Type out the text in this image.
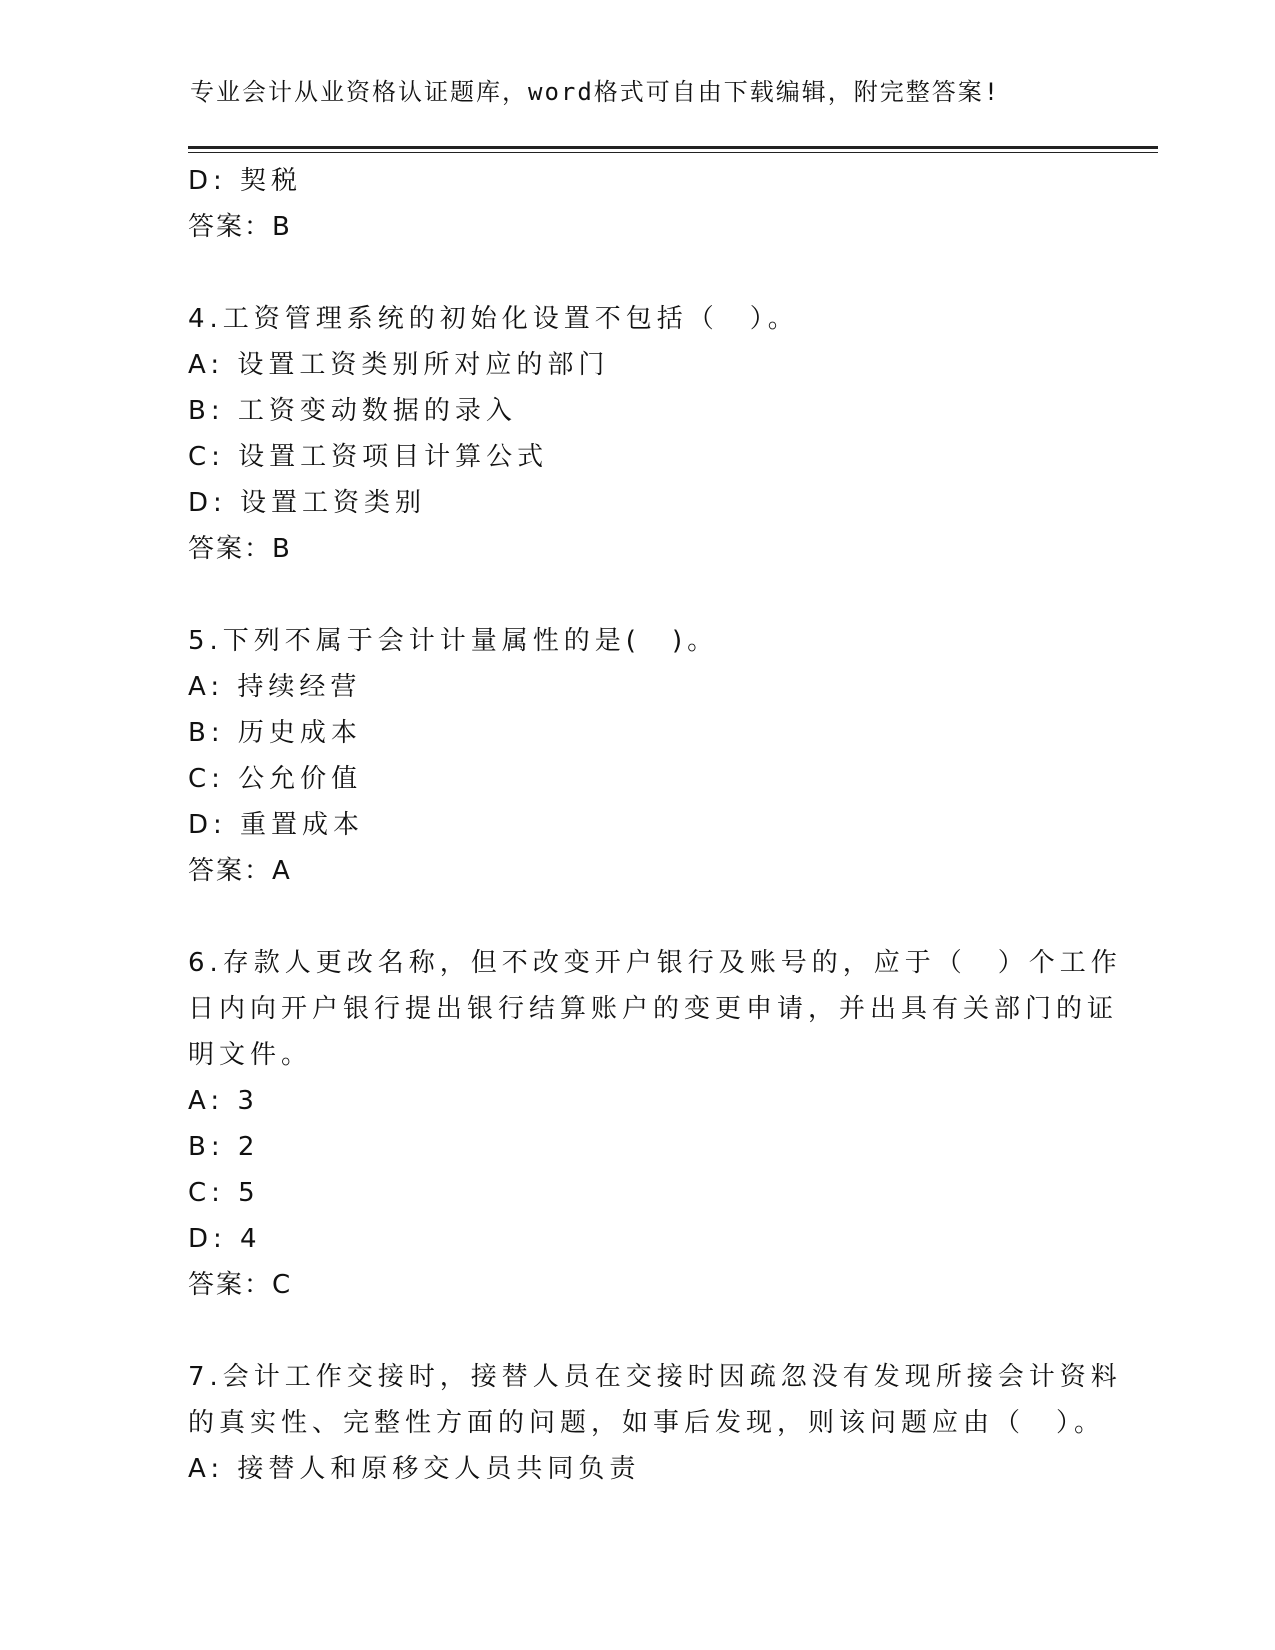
专业会计从业资格认证题库，word格式可自由下载编辑，附完整答案!
D: 契税
答案：B
4.工资管理系统的初始化设置不包括（　）。
A: 设置工资类别所对应的部门
B: 工资变动数据的录入
C: 设置工资项目计算公式
D: 设置工资类别
答案：B
5.下列不属于会计计量属性的是(　)。
A: 持续经营
B: 历史成本
C: 公允价值
D: 重置成本
答案：A
6.存款人更改名称，但不改变开户银行及账号的，应于（　）个工作
日内向开户银行提出银行结算账户的变更申请，并出具有关部门的证
明文件。
A: 3
B: 2
C: 5
D: 4
答案：C
7.会计工作交接时，接替人员在交接时因疏忽没有发现所接会计资料
的真实性、完整性方面的问题，如事后发现，则该问题应由（　）。
A: 接替人和原移交人员共同负责
